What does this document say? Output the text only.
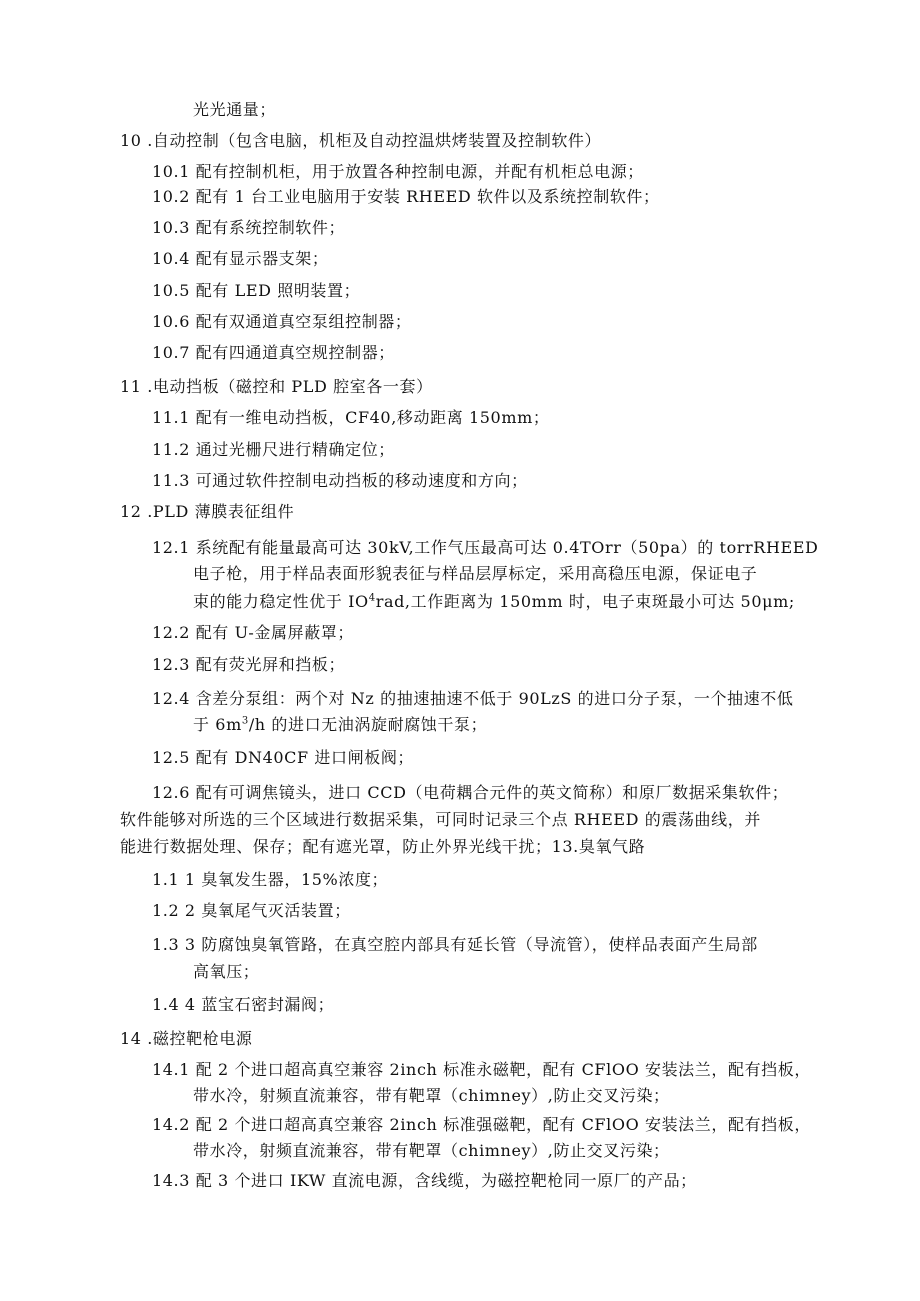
光光通量；
10 .自动控制（包含电脑，机柜及自动控温烘烤装置及控制软件）
10.1 配有控制机柜，用于放置各种控制电源，并配有机柜总电源；
10.2 配有 1 台工业电脑用于安装 RHEED 软件以及系统控制软件；
10.3 配有系统控制软件；
10.4 配有显示器支架；
10.5 配有 LED 照明装置；
10.6 配有双通道真空泵组控制器；
10.7 配有四通道真空规控制器；
11 .电动挡板（磁控和 PLD 腔室各一套）
11.1 配有一维电动挡板，CF40,移动距离 150mm；
11.2 通过光栅尺进行精确定位；
11.3 可通过软件控制电动挡板的移动速度和方向；
12 .PLD 薄膜表征组件
12.1 系统配有能量最高可达 30kV,工作气压最高可达 0.4TOrr（50pa）的 torrRHEED
电子枪，用于样品表面形貌表征与样品层厚标定，采用高稳压电源，保证电子
束的能力稳定性优于 $IO^4rad$,工作距离为 150mm 时，电子束斑最小可达 50μm;
12.2 配有 U-金属屏蔽罩；
12.3 配有荧光屏和挡板；
12.4 含差分泵组：两个对 Nz 的抽速抽速不低于 90LzS 的进口分子泵，一个抽速不低
于 $6m^3/h$ 的进口无油涡旋耐腐蚀干泵；
12.5 配有 DN40CF 进口闸板阀；
12.6 配有可调焦镜头，进口 CCD（电荷耦合元件的英文简称）和原厂数据采集软件；
软件能够对所选的三个区域进行数据采集，可同时记录三个点 RHEED 的震荡曲线，并
能进行数据处理、保存；配有遮光罩，防止外界光线干扰；13.臭氧气路
1.1 1 臭氧发生器，15%浓度；
1.2 2 臭氧尾气灭活装置；
1.3 3 防腐蚀臭氧管路，在真空腔内部具有延长管（导流管），使样品表面产生局部
高氧压；
1.4 4 蓝宝石密封漏阀；
14 .磁控靶枪电源
14.1 配 2 个进口超高真空兼容 2inch 标准永磁靶，配有 CFlOO 安装法兰，配有挡板，
带水冷，射频直流兼容，带有靶罩（chimney）,防止交叉污染；
14.2 配 2 个进口超高真空兼容 2inch 标准强磁靶，配有 CFlOO 安装法兰，配有挡板，
带水冷，射频直流兼容，带有靶罩（chimney）,防止交叉污染；
14.3 配 3 个进口 IKW 直流电源，含线缆，为磁控靶枪同一原厂的产品；
